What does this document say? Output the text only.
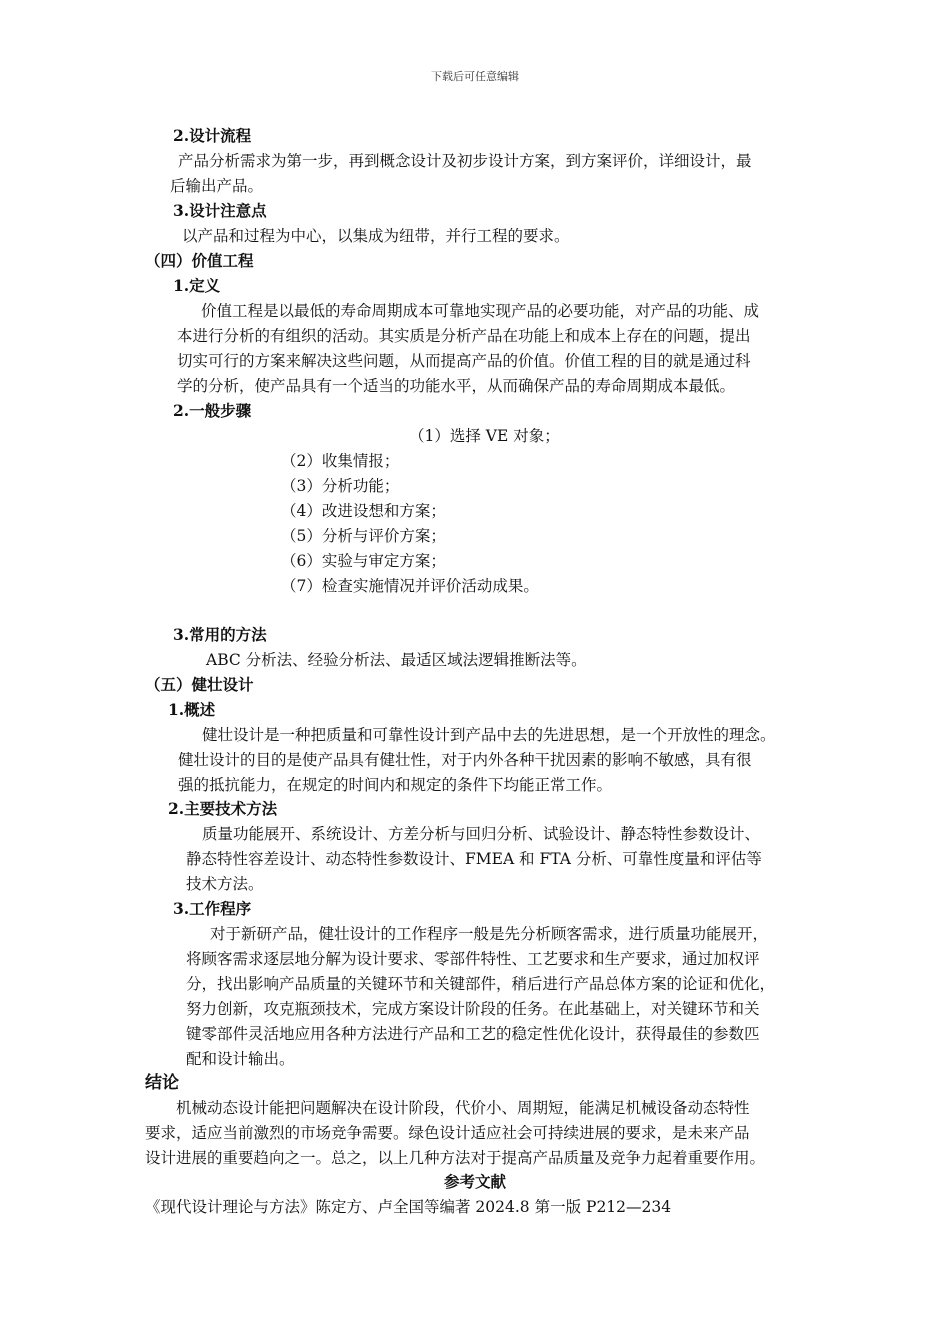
下载后可任意编辑
2.设计流程
产品分析需求为第一步，再到概念设计及初步设计方案，到方案评价，详细设计，最
后输出产品。
3.设计注意点
以产品和过程为中心，以集成为纽带，并行工程的要求。
（四）价值工程
1.定义
价值工程是以最低的寿命周期成本可靠地实现产品的必要功能，对产品的功能、成
本进行分析的有组织的活动。其实质是分析产品在功能上和成本上存在的问题，提出
切实可行的方案来解决这些问题，从而提高产品的价值。价值工程的目的就是通过科
学的分析，使产品具有一个适当的功能水平，从而确保产品的寿命周期成本最低。
2.一般步骤
（1）选择 VE 对象；
（2）收集情报；
（3）分析功能；
（4）改进设想和方案；
（5）分析与评价方案；
（6）实验与审定方案；
（7）检查实施情况并评价活动成果。
3.常用的方法
ABC 分析法、经验分析法、最适区域法逻辑推断法等。
（五）健壮设计
1.概述
健壮设计是一种把质量和可靠性设计到产品中去的先进思想，是一个开放性的理念。
健壮设计的目的是使产品具有健壮性，对于内外各种干扰因素的影响不敏感，具有很
强的抵抗能力，在规定的时间内和规定的条件下均能正常工作。
2.主要技术方法
质量功能展开、系统设计、方差分析与回归分析、试验设计、静态特性参数设计、
静态特性容差设计、动态特性参数设计、FMEA 和 FTA 分析、可靠性度量和评估等
技术方法。
3.工作程序
对于新研产品，健壮设计的工作程序一般是先分析顾客需求，进行质量功能展开，
将顾客需求逐层地分解为设计要求、零部件特性、工艺要求和生产要求，通过加权评
分，找出影响产品质量的关键环节和关键部件，稍后进行产品总体方案的论证和优化，
努力创新，攻克瓶颈技术，完成方案设计阶段的任务。在此基础上，对关键环节和关
键零部件灵活地应用各种方法进行产品和工艺的稳定性优化设计，获得最佳的参数匹
配和设计输出。
结论
机械动态设计能把问题解决在设计阶段，代价小、周期短，能满足机械设备动态特性
要求，适应当前激烈的市场竞争需要。绿色设计适应社会可持续进展的要求，是未来产品
设计进展的重要趋向之一。总之，以上几种方法对于提高产品质量及竞争力起着重要作用。
参考文献
《现代设计理论与方法》陈定方、卢全国等编著 2024.8 第一版 P212—234
